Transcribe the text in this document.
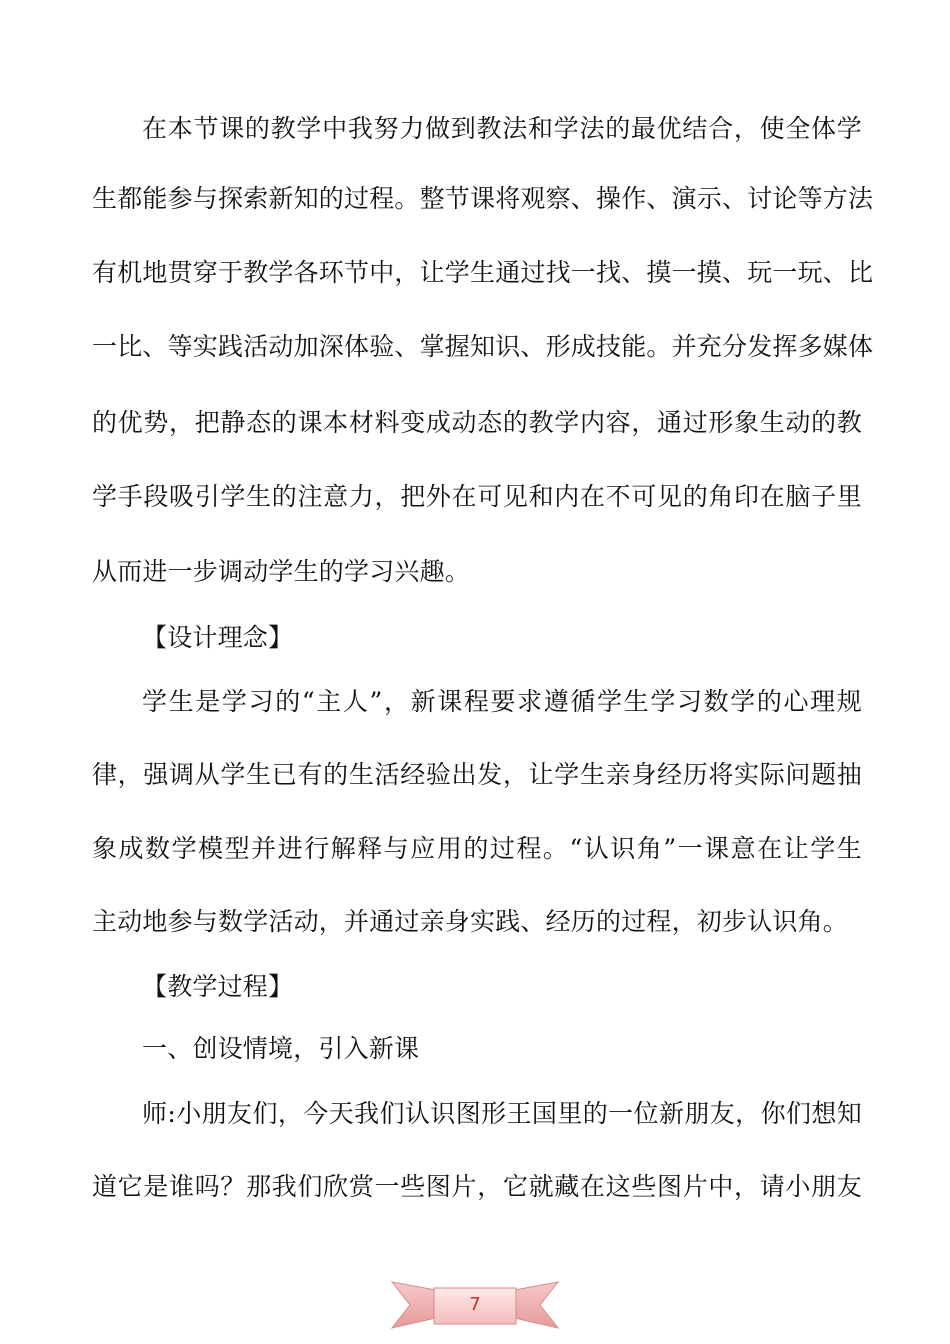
在本节课的教学中我努力做到教法和学法的最优结合，使全体学
生都能参与探索新知的过程。整节课将观察、操作、演示、讨论等方法
有机地贯穿于教学各环节中，让学生通过找一找、摸一摸、玩一玩、比
一比、等实践活动加深体验、掌握知识、形成技能。并充分发挥多媒体
的优势，把静态的课本材料变成动态的教学内容，通过形象生动的教
学手段吸引学生的注意力，把外在可见和内在不可见的角印在脑子里
从而进一步调动学生的学习兴趣。
【设计理念】
学生是学习的“主人”，新课程要求遵循学生学习数学的心理规
律，强调从学生已有的生活经验出发，让学生亲身经历将实际问题抽
象成数学模型并进行解释与应用的过程。“认识角”一课意在让学生
主动地参与数学活动，并通过亲身实践、经历的过程，初步认识角。
【教学过程】
一、创设情境，引入新课
师:小朋友们，今天我们认识图形王国里的一位新朋友，你们想知
道它是谁吗？那我们欣赏一些图片，它就藏在这些图片中，请小朋友
7
